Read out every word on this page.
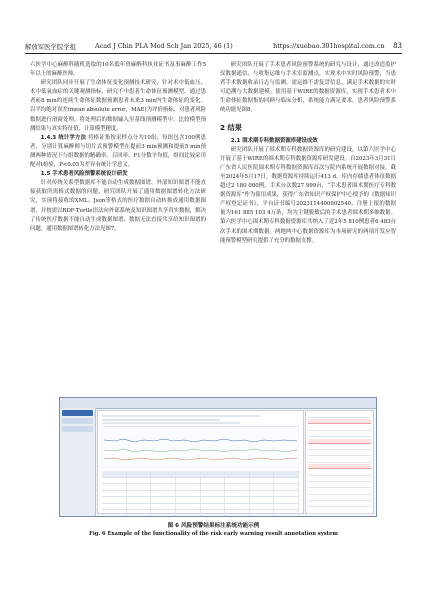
解放军医学院学报	Acad J Chin PLA Med Sch Jan 2025, 46 (1)	https://xuebao.301hospital.com.cn	83

六医学中心麻醉科随机选取的10名低年资麻醉科执业证书及事麻醉工作5年以上的麻醉医师。

研究团队同步开展了生命体征变化预测技术研究，针对术中低血压、术中低氧血症的关键观测指标，研究不中患者生命体征预测模型，通过患者前8 min的连续生命体征数据预测患者未来3 min内生命体征的变化。以平均绝对误差(mean absolute error，MAE)为评价指标，对患者风险数据进行滑窗处理，将处理后的数据输入至基线预测模型中，比较模型预测结果与真实特征值，计算模型精度。

1.4.3 统计学方法 将格证集按采样点分为10组，每组包含100例患者，分别计算麻醉师与切片式预警模型在提前3 min预测和提前5 min预测两种情况下与组数据的精确率、召回率、F1分数平均值，组间比较采用配对t检验，P<0.05为差异有统计学意义。

1.5 手术患者风险预警系统设计研发

针对传统关系型数据库不能自动生成数据图谱、外部知识图谱不能直接获取所需格式数据的问题，研究团队开展了通用数据图谱转化方法研究，实现将接收的XML、Json等格式的医疗数据自动转换成通用数据图谱，并按需以RDF-Turtle语法向外部系统及知识图谱共享真实数据，解决了传统医疗数据不能自动生成数据图谱、数据无法直接共享给知识图谱的问题，通用数据图谱转化方法见图7。

研究团队开展了手术患者风险预警系统的研究与设计，通过改造监护仪数据通信、与收集运维与手术室监测点，实现术中实时风险预警，当患者手术数据收录日志与监测，需运维不需复盘信息，满足手术数据的实时可追溯与大数据建模；使用基于WIRE的数据资源库，实现手术患者术中生命体征数据集的回顾与临床分析，系统能力满足要求。患者风险预警系统功能见图8。

2 结果

2.1 围术期专科数据资源库建设成效

研究团队开展了围术期专科数据资源库的研究建设，以第六医学中心开展了基于WIRE的围术期专科数据资源库研发建设。自2023年3月31日广东省人民医院围术期专科数据资源库首次与院内系统开展数据对接，截至2024年5月17日，数据资源库持续运行413 d，库内存储患者体征数据超过2 180 000例，手术台次数27 999台，“手术患者围术期医疗专科数据资源库”作为使用成果，获得广东省知识产权保护中心授予的《数据知识产权登记证书》，平台证书编号2023114400002540，注册上报的数据量为161 885 103 4万条，均为主键脱敏后的手术患者围术期多维数据。第六医学中心围术期专科数据资源库共纳入了近2年5 810例患者6 483台次手术的围术期数据。两地两中心数据资源库为本项研究的两项开发应智能预警模型研究提供了充分的数据支撑。

图 6 风险预警结果标注系统功能示例
Fig. 6 Example of the functionality of the risk early warning result annotation system
